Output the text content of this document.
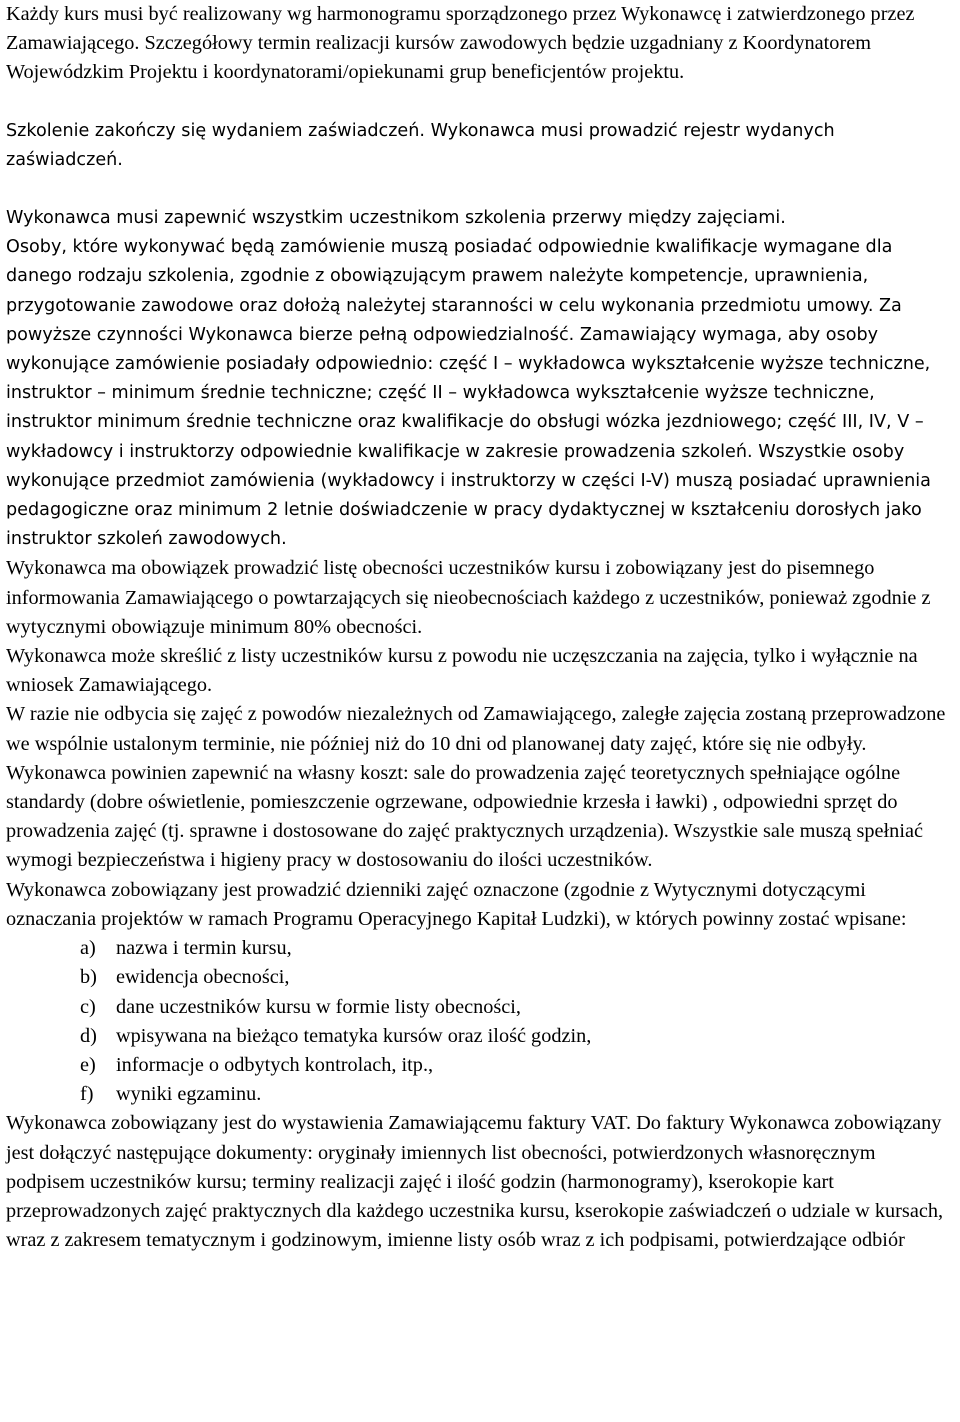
Każdy kurs musi być realizowany wg harmonogramu sporządzonego przez Wykonawcę i zatwierdzonego przez Zamawiającego. Szczegółowy termin realizacji kursów zawodowych będzie uzgadniany z Koordynatorem Wojewódzkim Projektu i koordynatorami/opiekunami grup beneficjentów projektu.

Szkolenie zakończy się wydaniem zaświadczeń. Wykonawca musi prowadzić rejestr wydanych zaświadczeń.

Wykonawca musi zapewnić wszystkim uczestnikom szkolenia przerwy między zajęciami.

Osoby, które wykonywać będą zamówienie muszą posiadać odpowiednie kwalifikacje wymagane dla danego rodzaju szkolenia, zgodnie z obowiązującym prawem należyte kompetencje, uprawnienia, przygotowanie zawodowe oraz dołożą należytej staranności w celu wykonania przedmiotu umowy. Za powyższe czynności Wykonawca bierze pełną odpowiedzialność. Zamawiający wymaga, aby osoby wykonujące zamówienie posiadały odpowiednio: część I – wykładowca wykształcenie wyższe techniczne, instruktor – minimum średnie techniczne; część II – wykładowca wykształcenie wyższe techniczne, instruktor minimum średnie techniczne oraz kwalifikacje do obsługi wózka jezdniowego; część III, IV, V – wykładowcy i instruktorzy odpowiednie kwalifikacje w zakresie prowadzenia szkoleń. Wszystkie osoby wykonujące przedmiot zamówienia (wykładowcy i instruktorzy w części I-V) muszą posiadać uprawnienia pedagogiczne oraz minimum 2 letnie doświadczenie w pracy dydaktycznej w kształceniu dorosłych jako instruktor szkoleń zawodowych.

Wykonawca ma obowiązek prowadzić listę obecności uczestników kursu i zobowiązany jest do pisemnego informowania Zamawiającego o powtarzających się nieobecnościach każdego z uczestników, ponieważ zgodnie z wytycznymi obowiązuje minimum 80% obecności.

Wykonawca może skreślić z listy uczestników kursu z powodu nie uczęszczania na zajęcia, tylko i wyłącznie na wniosek Zamawiającego.

W razie nie odbycia się zajęć z powodów niezależnych od Zamawiającego, zaległe zajęcia zostaną przeprowadzone we wspólnie ustalonym terminie, nie później niż do 10 dni od planowanej daty zajęć, które się nie odbyły.

Wykonawca powinien zapewnić na własny koszt: sale do prowadzenia zajęć teoretycznych spełniające ogólne standardy (dobre oświetlenie, pomieszczenie ogrzewane, odpowiednie krzesła i ławki) , odpowiedni sprzęt do prowadzenia zajęć (tj. sprawne i dostosowane do zajęć praktycznych urządzenia). Wszystkie sale muszą spełniać wymogi bezpieczeństwa i higieny pracy w dostosowaniu do ilości uczestników.

Wykonawca zobowiązany jest prowadzić dzienniki zajęć oznaczone (zgodnie z Wytycznymi dotyczącymi oznaczania projektów w ramach Programu Operacyjnego Kapitał Ludzki), w których powinny zostać wpisane:

a) nazwa i termin kursu,
b) ewidencja obecności,
c) dane uczestników kursu w formie listy obecności,
d) wpisywana na bieżąco tematyka kursów oraz ilość godzin,
e) informacje o odbytych kontrolach, itp.,
f)	wyniki egzaminu.

Wykonawca zobowiązany jest do wystawienia Zamawiającemu faktury VAT. Do faktury Wykonawca zobowiązany jest dołączyć następujące dokumenty: oryginały imiennych list obecności, potwierdzonych własnoręcznym podpisem uczestników kursu; terminy realizacji zajęć i ilość godzin (harmonogramy), kserokopie kart przeprowadzonych zajęć praktycznych dla każdego uczestnika kursu, kserokopie zaświadczeń o udziale w kursach, wraz z zakresem tematycznym i godzinowym, imienne listy osób wraz z ich podpisami, potwierdzające odbiór
